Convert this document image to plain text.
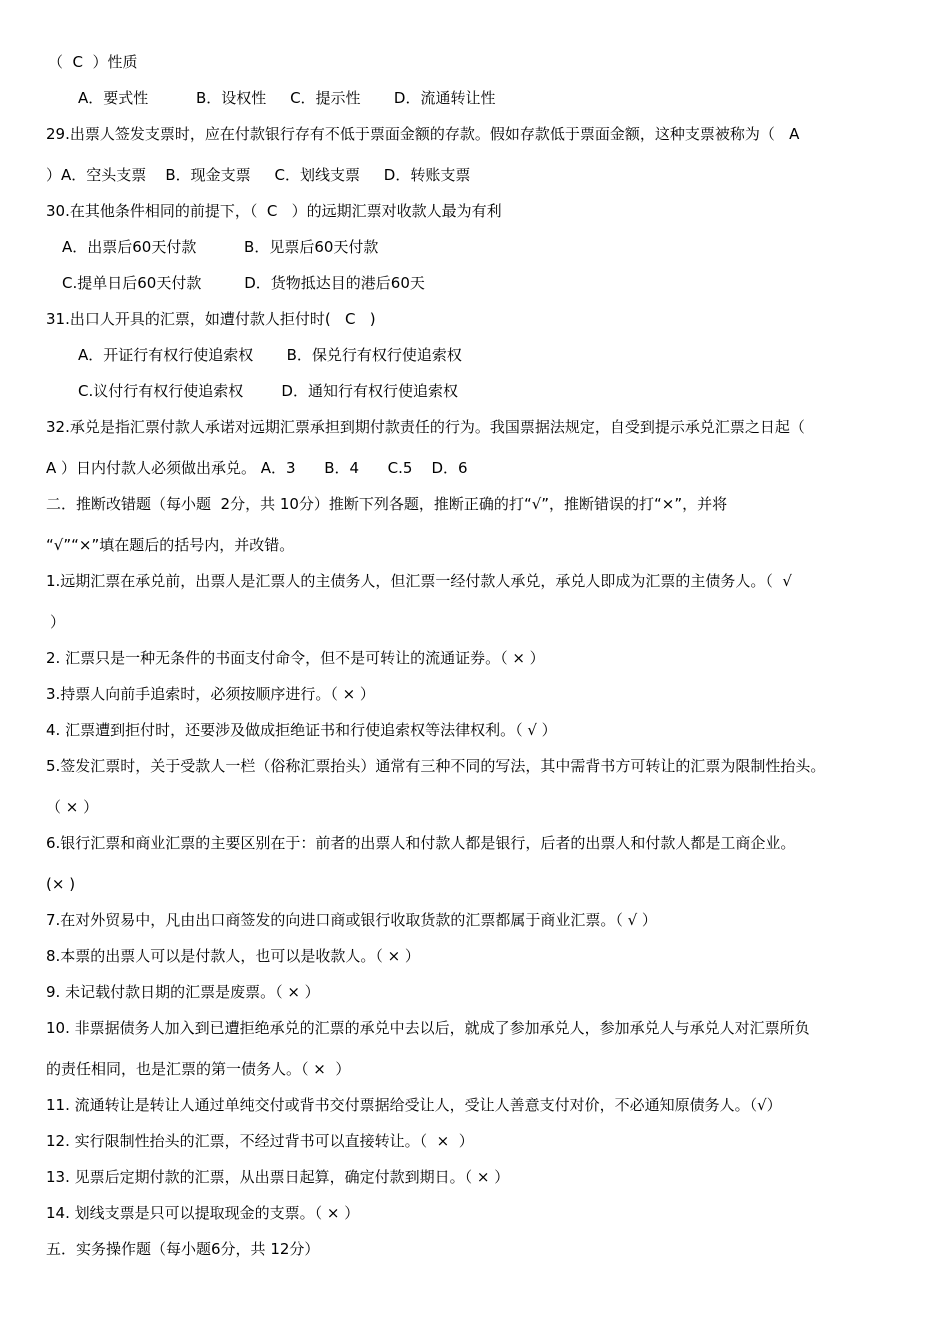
（  C  ）性质
A．要式性          B．设权性     C．提示性       D．流通转让性
29.出票人签发支票时，应在付款银行存有不低于票面金额的存款。假如存款低于票面金额，这种支票被称为（   A
）A．空头支票    B．现金支票     C．划线支票     D．转账支票
30.在其他条件相同的前提下，（  C   ）的远期汇票对收款人最为有利
A．出票后60天付款          B．见票后60天付款
C.提单日后60天付款         D．货物抵达目的港后60天
31.出口人开具的汇票，如遭付款人拒付时(   C   )
A．开证行有权行使追索权       B．保兑行有权行使追索权
C.议付行有权行使追索权        D．通知行有权行使追索权
32.承兑是指汇票付款人承诺对远期汇票承担到期付款责任的行为。我国票据法规定，自受到提示承兑汇票之日起（
A ）日内付款人必须做出承兑。 A．3      B．4      C.5    D．6
二．推断改错题（每小题  2分，共 10分）推断下列各题，推断正确的打“√”，推断错误的打“×”，并将
“√”“×”填在题后的括号内，并改错。
1.远期汇票在承兑前，出票人是汇票人的主债务人，但汇票一经付款人承兑，承兑人即成为汇票的主债务人。（  √
）
2. 汇票只是一种无条件的书面支付命令，但不是可转让的流通证券。（ × ）
3.持票人向前手追索时，必须按顺序进行。（ × ）
4. 汇票遭到拒付时，还要涉及做成拒绝证书和行使追索权等法律权利。（ √ ）
5.签发汇票时，关于受款人一栏（俗称汇票抬头）通常有三种不同的写法，其中需背书方可转让的汇票为限制性抬头。
（ × ）
6.银行汇票和商业汇票的主要区别在于：前者的出票人和付款人都是银行，后者的出票人和付款人都是工商企业。
(× )
7.在对外贸易中，凡由出口商签发的向进口商或银行收取货款的汇票都属于商业汇票。（ √ ）
8.本票的出票人可以是付款人，也可以是收款人。（ × ）
9. 未记载付款日期的汇票是废票。（ × ）
10. 非票据债务人加入到已遭拒绝承兑的汇票的承兑中去以后，就成了参加承兑人，参加承兑人与承兑人对汇票所负
的责任相同，也是汇票的第一债务人。（ ×  ）
11. 流通转让是转让人通过单纯交付或背书交付票据给受让人，受让人善意支付对价，不必通知原债务人。（√）
12. 实行限制性抬头的汇票，不经过背书可以直接转让。（  ×  ）
13. 见票后定期付款的汇票，从出票日起算，确定付款到期日。（ × ）
14. 划线支票是只可以提取现金的支票。（ × ）
五．实务操作题（每小题6分，共 12分）
